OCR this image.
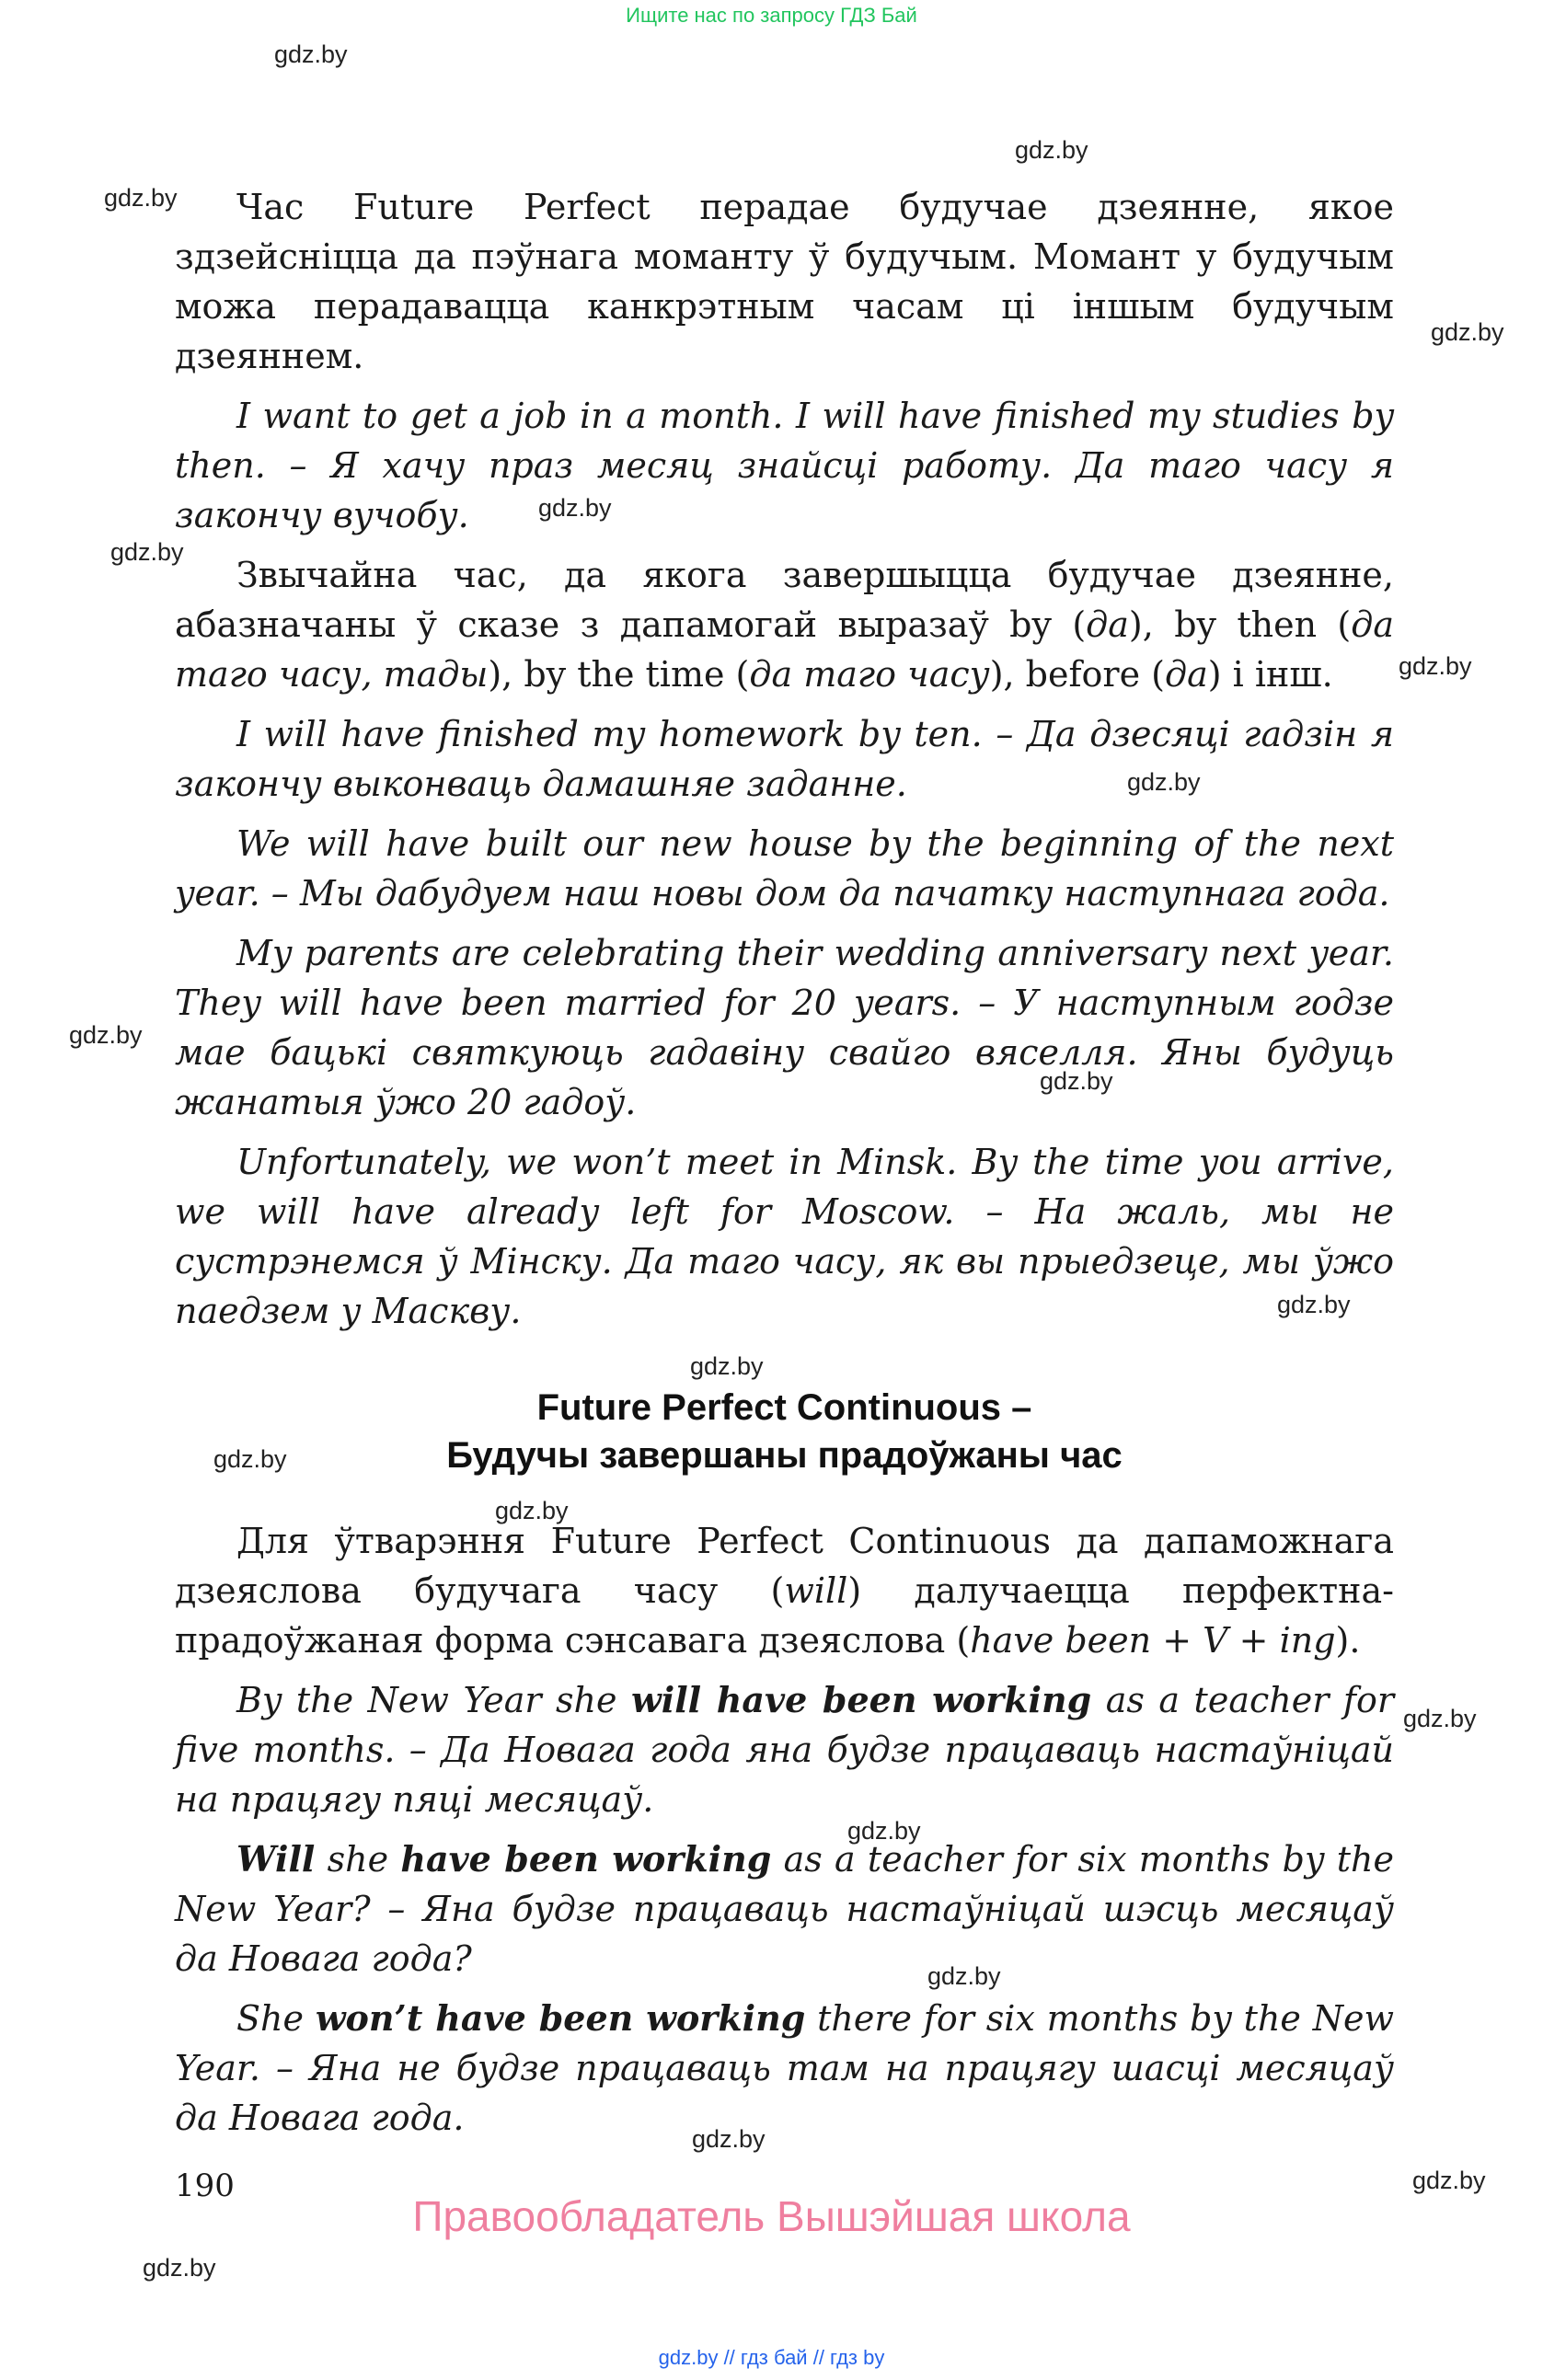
Ищите нас по запросу ГДЗ Бай
gdz.by
gdz.by
gdz.by
gdz.by
gdz.by
gdz.by
gdz.by
gdz.by
gdz.by
gdz.by
gdz.by
gdz.by
gdz.by
gdz.by
gdz.by
gdz.by
gdz.by
gdz.by
gdz.by
gdz.by

Час Future Perfect перадае будучае дзеянне, якое здзейсніцца да пэўнага моманту ў будучым. Момант у будучым можа перадавацца канкрэтным часам ці іншым будучым дзеяннем.

I want to get a job in a month. I will have finished my studies by then. – Я хачу праз месяц знайсці работу. Да таго часу я закончу вучобу.

Звычайна час, да якога завершыцца будучае дзеянне, абазначаны ў сказе з дапамогай выразаў by (да), by then (да таго часу, тады), by the time (да таго часу), before (да) і інш.

I will have finished my homework by ten. – Да дзесяці гадзін я закончу выконваць дамашняе заданне.

We will have built our new house by the beginning of the next year. – Мы дабудуем наш новы дом да пачатку наступнага года.

My parents are celebrating their wedding anniversary next year. They will have been married for 20 years. – У наступным годзе мае бацькі святкуюць гадавіну свайго вяселля. Яны будуць жанатыя ўжо 20 гадоў.

Unfortunately, we won’t meet in Minsk. By the time you arrive, we will have already left for Moscow. – На жаль, мы не сустрэнемся ў Мінску. Да таго часу, як вы прыедзеце, мы ўжо паедзем у Маскву.

Future Perfect Continuous –
Будучы завершаны прадоўжаны час

Для ўтварэння Future Perfect Continuous да дапаможнага дзеяслова будучага часу (will) далучаецца перфектна-прадоўжаная форма сэнсавага дзеяслова (have been + V + ing).

By the New Year she will have been working as a teacher for five months. – Да Новага года яна будзе працаваць настаўніцай на працягу пяці месяцаў.

Will she have been working as a teacher for six months by the New Year? – Яна будзе працаваць настаўніцай шэсць месяцаў да Новага года?

She won’t have been working there for six months by the New Year. – Яна не будзе працаваць там на працягу шасці месяцаў да Новага года.

190
Правообладатель Вышэйшая школа
gdz.by // гдз бай // гдз by
